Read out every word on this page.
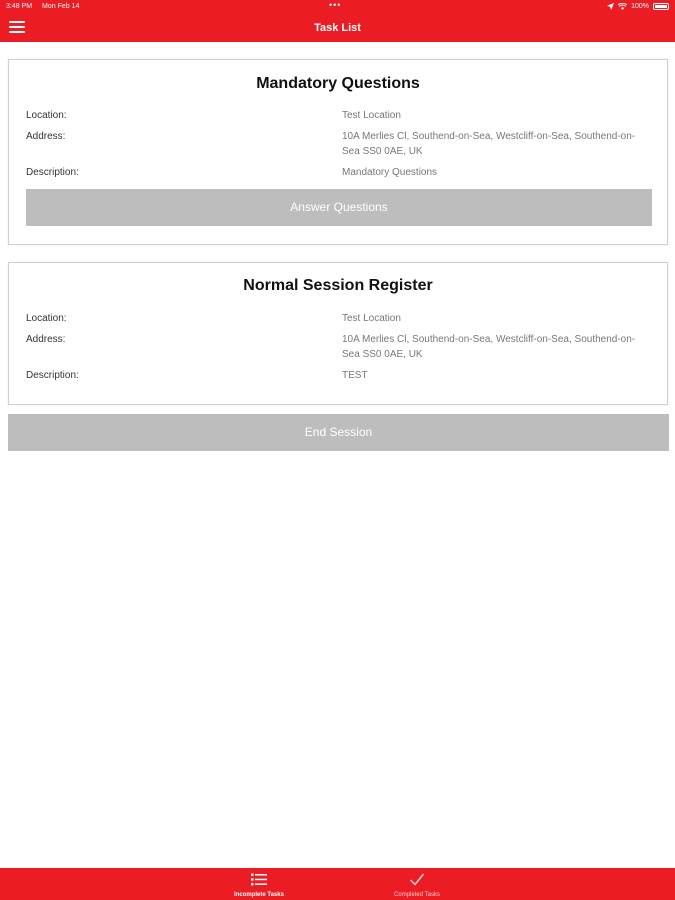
3:48 PM Mon Feb 14	•••	100%
Task List
Mandatory Questions
Location:	Test Location
Address:	10A Merlies Cl, Southend-on-Sea, Westcliff-on-Sea, Southend-on-Sea SS0 0AE, UK
Description:	Mandatory Questions
Answer Questions
Normal Session Register
Location:	Test Location
Address:	10A Merlies Cl, Southend-on-Sea, Westcliff-on-Sea, Southend-on-Sea SS0 0AE, UK
Description:	TEST
End Session
Incomplete Tasks	Completed Tasks
